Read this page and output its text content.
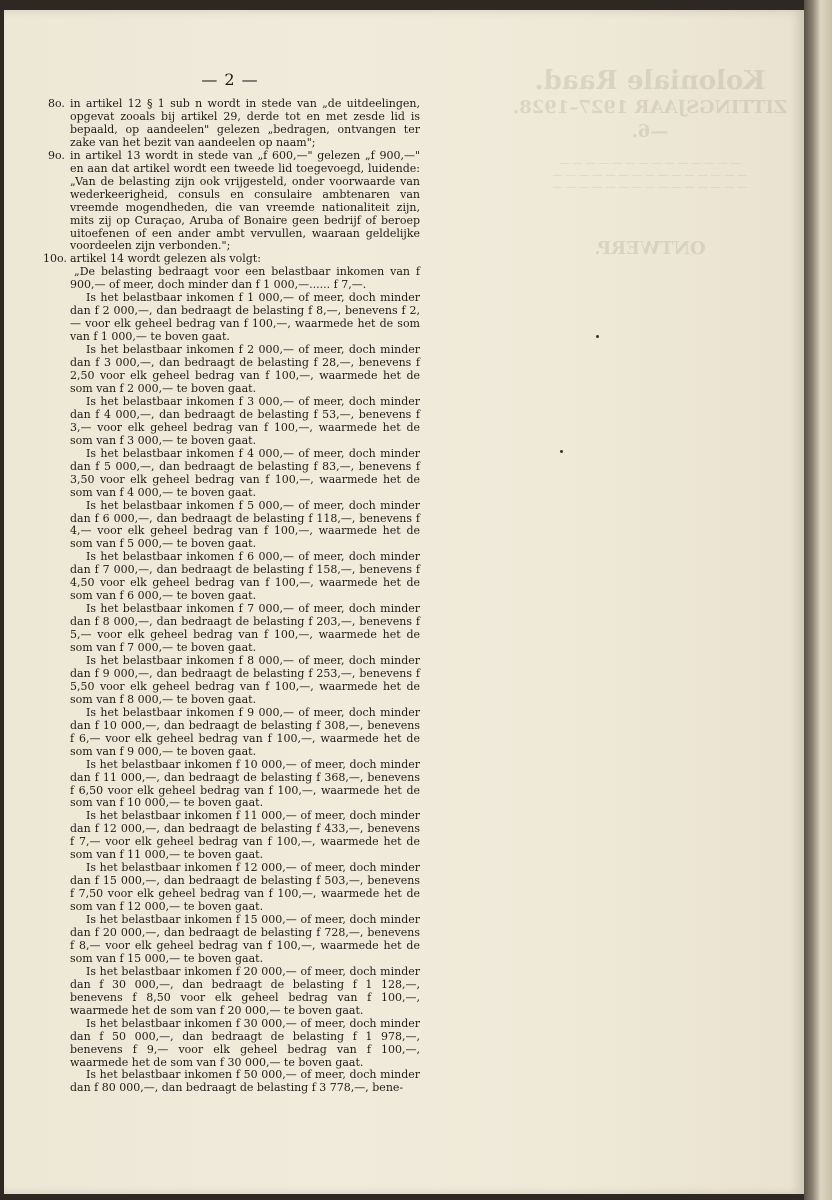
Koloniale Raad.
ZITTINGSJAAR 1927–1928.—6.
— — — — — — — — — — — — — —
— — — — — — — — — — — — — — —
— — — — — — — — — — — — — — —
ONTWERP.
— 2 —
8o. in artikel 12 § 1 sub n wordt in stede van „de uitdeelingen, opgevat zooals bij artikel 29, derde tot en met zesde lid is bepaald, op aandeelen" gelezen „bedragen, ontvangen ter zake van het bezit van aandeelen op naam";
9o. in artikel 13 wordt in stede van „f 600,—" gelezen „f 900,—" en aan dat artikel wordt een tweede lid toegevoegd, luidende: „Van de belasting zijn ook vrijgesteld, onder voorwaarde van wederkeerigheid, consuls en consulaire ambtenaren van vreemde mogendheden, die van vreemde nationaliteit zijn, mits zij op Curaçao, Aruba of Bonaire geen bedrijf of beroep uitoefenen of een ander ambt vervullen, waaraan geldelijke voordeelen zijn verbonden.";
10o. artikel 14 wordt gelezen als volgt:
„De belasting bedraagt voor een belastbaar inkomen van f 900,— of meer, doch minder dan f 1 000,—...... f 7,—.
Is het belastbaar inkomen f 1 000,— of meer, doch minder dan f 2 000,—, dan bedraagt de belasting f 8,—, benevens f 2,— voor elk geheel bedrag van f 100,—, waarmede het de som van f 1 000,— te boven gaat.
Is het belastbaar inkomen f 2 000,— of meer, doch minder dan f 3 000,—, dan bedraagt de belasting f 28,—, benevens f 2,50 voor elk geheel bedrag van f 100,—, waarmede het de som van f 2 000,— te boven gaat.
Is het belastbaar inkomen f 3 000,— of meer, doch minder dan f 4 000,—, dan bedraagt de belasting f 53,—, benevens f 3,— voor elk geheel bedrag van f 100,—, waarmede het de som van f 3 000,— te boven gaat.
Is het belastbaar inkomen f 4 000,— of meer, doch minder dan f 5 000,—, dan bedraagt de belasting f 83,—, benevens f 3,50 voor elk geheel bedrag van f 100,—, waarmede het de som van f 4 000,— te boven gaat.
Is het belastbaar inkomen f 5 000,— of meer, doch minder dan f 6 000,—, dan bedraagt de belasting f 118,—, benevens f 4,— voor elk geheel bedrag van f 100,—, waarmede het de som van f 5 000,— te boven gaat.
Is het belastbaar inkomen f 6 000,— of meer, doch minder dan f 7 000,—, dan bedraagt de belasting f 158,—, benevens f 4,50 voor elk geheel bedrag van f 100,—, waarmede het de som van f 6 000,— te boven gaat.
Is het belastbaar inkomen f 7 000,— of meer, doch minder dan f 8 000,—, dan bedraagt de belasting f 203,—, benevens f 5,— voor elk geheel bedrag van f 100,—, waarmede het de som van f 7 000,— te boven gaat.
Is het belastbaar inkomen f 8 000,— of meer, doch minder dan f 9 000,—, dan bedraagt de belasting f 253,—, benevens f 5,50 voor elk geheel bedrag van f 100,—, waarmede het de som van f 8 000,— te boven gaat.
Is het belastbaar inkomen f 9 000,— of meer, doch minder dan f 10 000,—, dan bedraagt de belasting f 308,—, benevens f 6,— voor elk geheel bedrag van f 100,—, waarmede het de som van f 9 000,— te boven gaat.
Is het belastbaar inkomen f 10 000,— of meer, doch minder dan f 11 000,—, dan bedraagt de belasting f 368,—, benevens f 6,50 voor elk geheel bedrag van f 100,—, waarmede het de som van f 10 000,— te boven gaat.
Is het belastbaar inkomen f 11 000,— of meer, doch minder dan f 12 000,—, dan bedraagt de belasting f 433,—, benevens f 7,— voor elk geheel bedrag van f 100,—, waarmede het de som van f 11 000,— te boven gaat.
Is het belastbaar inkomen f 12 000,— of meer, doch minder dan f 15 000,—, dan bedraagt de belasting f 503,—, benevens f 7,50 voor elk geheel bedrag van f 100,—, waarmede het de som van f 12 000,— te boven gaat.
Is het belastbaar inkomen f 15 000,— of meer, doch minder dan f 20 000,—, dan bedraagt de belasting f 728,—, benevens f 8,— voor elk geheel bedrag van f 100,—, waarmede het de som van f 15 000,— te boven gaat.
Is het belastbaar inkomen f 20 000,— of meer, doch minder dan f 30 000,—, dan bedraagt de belasting f 1 128,—, benevens f 8,50 voor elk geheel bedrag van f 100,—, waarmede het de som van f 20 000,— te boven gaat.
Is het belastbaar inkomen f 30 000,— of meer, doch minder dan f 50 000,—, dan bedraagt de belasting f 1 978,—, benevens f 9,— voor elk geheel bedrag van f 100,—, waarmede het de som van f 30 000,— te boven gaat.
Is het belastbaar inkomen f 50 000,— of meer, doch minder dan f 80 000,—, dan bedraagt de belasting f 3 778,—, bene-
